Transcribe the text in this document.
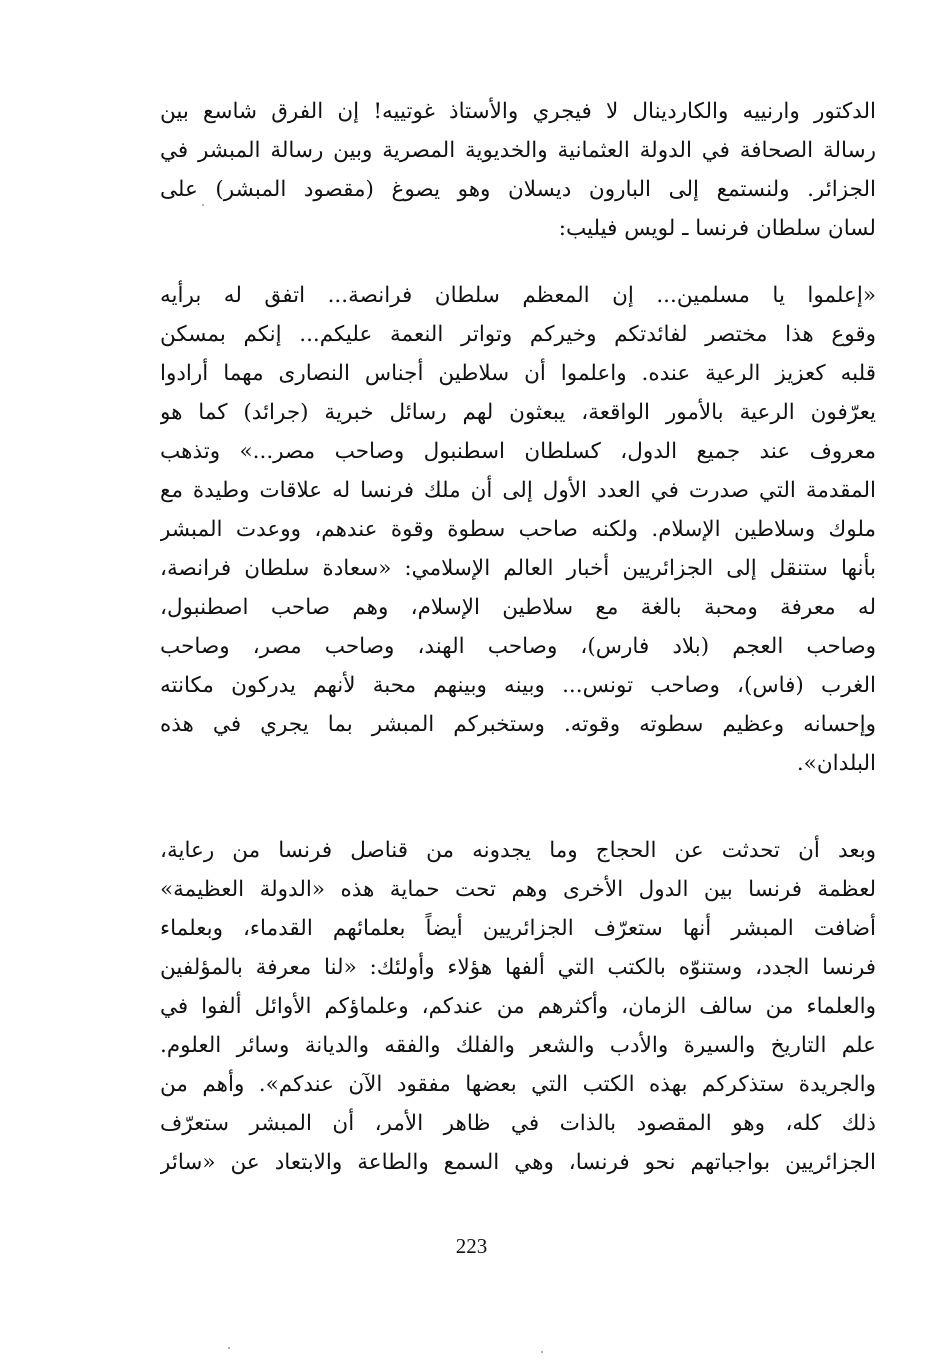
الدكتور وارنييه والكاردينال لا فيجري والأستاذ غوتييه! إن الفرق شاسع بين
رسالة الصحافة في الدولة العثمانية والخديوية المصرية وبين رسالة المبشر في
الجزائر. ولنستمع إلى البارون ديسلان وهو يصوغ (مقصود المبشر) على
لسان سلطان فرنسا ـ لويس فيليب:
«إعلموا يا مسلمين... إن المعظم سلطان فرانصة... اتفق له برأيه
وقوع هذا مختصر لفائدتكم وخيركم وتواتر النعمة عليكم... إنكم بمسكن
قلبه كعزيز الرعية عنده. واعلموا أن سلاطين أجناس النصارى مهما أرادوا
يعرّفون الرعية بالأمور الواقعة، يبعثون لهم رسائل خبرية (جرائد) كما هو
معروف عند جميع الدول، كسلطان اسطنبول وصاحب مصر...» وتذهب
المقدمة التي صدرت في العدد الأول إلى أن ملك فرنسا له علاقات وطيدة مع
ملوك وسلاطين الإسلام. ولكنه صاحب سطوة وقوة عندهم، ووعدت المبشر
بأنها ستنقل إلى الجزائريين أخبار العالم الإسلامي: «سعادة سلطان فرانصة،
له معرفة ومحبة بالغة مع سلاطين الإسلام، وهم صاحب اصطنبول،
وصاحب العجم (بلاد فارس)، وصاحب الهند، وصاحب مصر، وصاحب
الغرب (فاس)، وصاحب تونس... وبينه وبينهم محبة لأنهم يدركون مكانته
وإحسانه وعظيم سطوته وقوته. وستخبركم المبشر بما يجري في هذه
البلدان».
وبعد أن تحدثت عن الحجاج وما يجدونه من قناصل فرنسا من رعاية،
لعظمة فرنسا بين الدول الأخرى وهم تحت حماية هذه «الدولة العظيمة»
أضافت المبشر أنها ستعرّف الجزائريين أيضاً بعلمائهم القدماء، وبعلماء
فرنسا الجدد، وستنوّه بالكتب التي ألفها هؤلاء وأولئك: «لنا معرفة بالمؤلفين
والعلماء من سالف الزمان، وأكثرهم من عندكم، وعلماؤكم الأوائل ألفوا في
علم التاريخ والسيرة والأدب والشعر والفلك والفقه والديانة وسائر العلوم.
والجريدة ستذكركم بهذه الكتب التي بعضها مفقود الآن عندكم». وأهم من
ذلك كله، وهو المقصود بالذات في ظاهر الأمر، أن المبشر ستعرّف
الجزائريين بواجباتهم نحو فرنسا، وهي السمع والطاعة والابتعاد عن «سائر
223
